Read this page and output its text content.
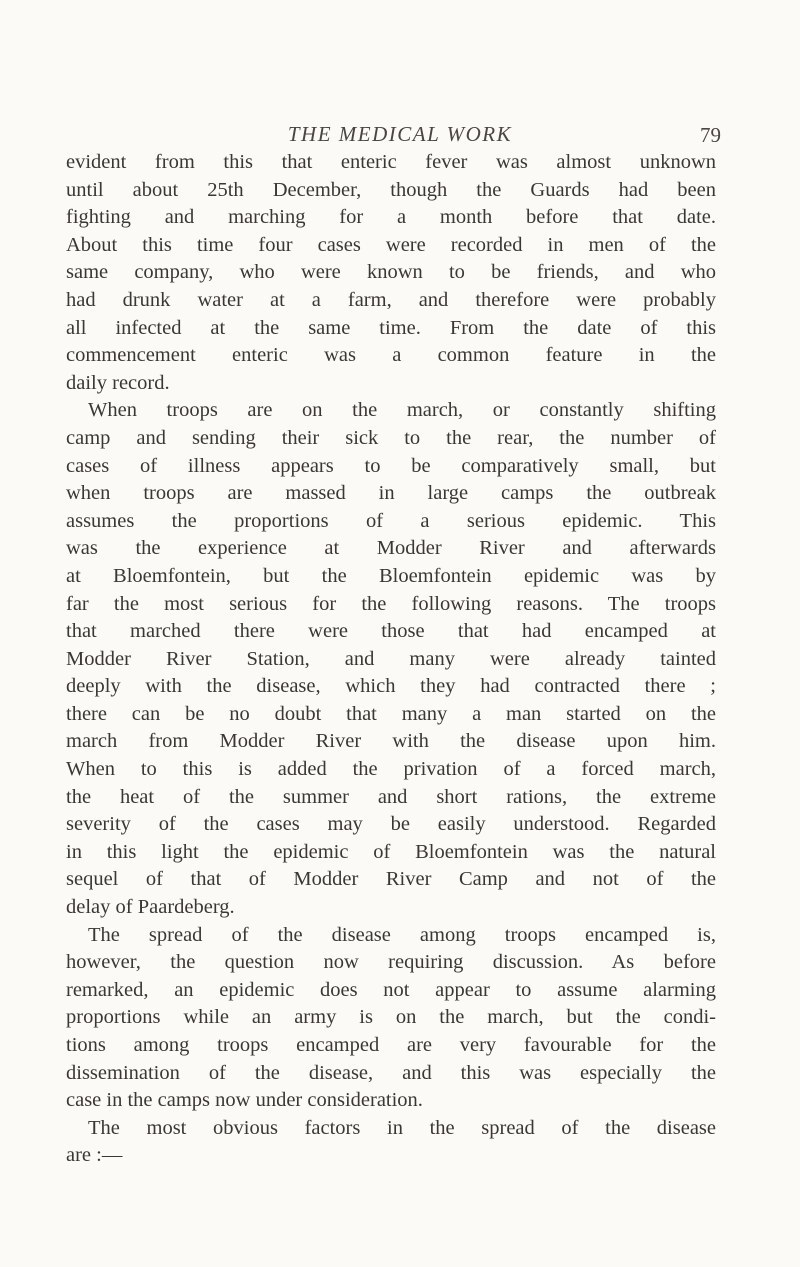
THE MEDICAL WORK	79
evident from this that enteric fever was almost unknown
until about 25th December, though the Guards had been
fighting and marching for a month before that date.
About this time four cases were recorded in men of the
same company, who were known to be friends, and who
had drunk water at a farm, and therefore were probably
all infected at the same time. From the date of this
commencement enteric was a common feature in the
daily record.
When troops are on the march, or constantly shifting
camp and sending their sick to the rear, the number of
cases of illness appears to be comparatively small, but
when troops are massed in large camps the outbreak
assumes the proportions of a serious epidemic. This
was the experience at Modder River and afterwards
at Bloemfontein, but the Bloemfontein epidemic was by
far the most serious for the following reasons. The troops
that marched there were those that had encamped at
Modder River Station, and many were already tainted
deeply with the disease, which they had contracted there ;
there can be no doubt that many a man started on the
march from Modder River with the disease upon him.
When to this is added the privation of a forced march,
the heat of the summer and short rations, the extreme
severity of the cases may be easily understood. Regarded
in this light the epidemic of Bloemfontein was the natural
sequel of that of Modder River Camp and not of the
delay of Paardeberg.
The spread of the disease among troops encamped is,
however, the question now requiring discussion. As before
remarked, an epidemic does not appear to assume alarming
proportions while an army is on the march, but the condi-
tions among troops encamped are very favourable for the
dissemination of the disease, and this was especially the
case in the camps now under consideration.
The most obvious factors in the spread of the disease
are :—
